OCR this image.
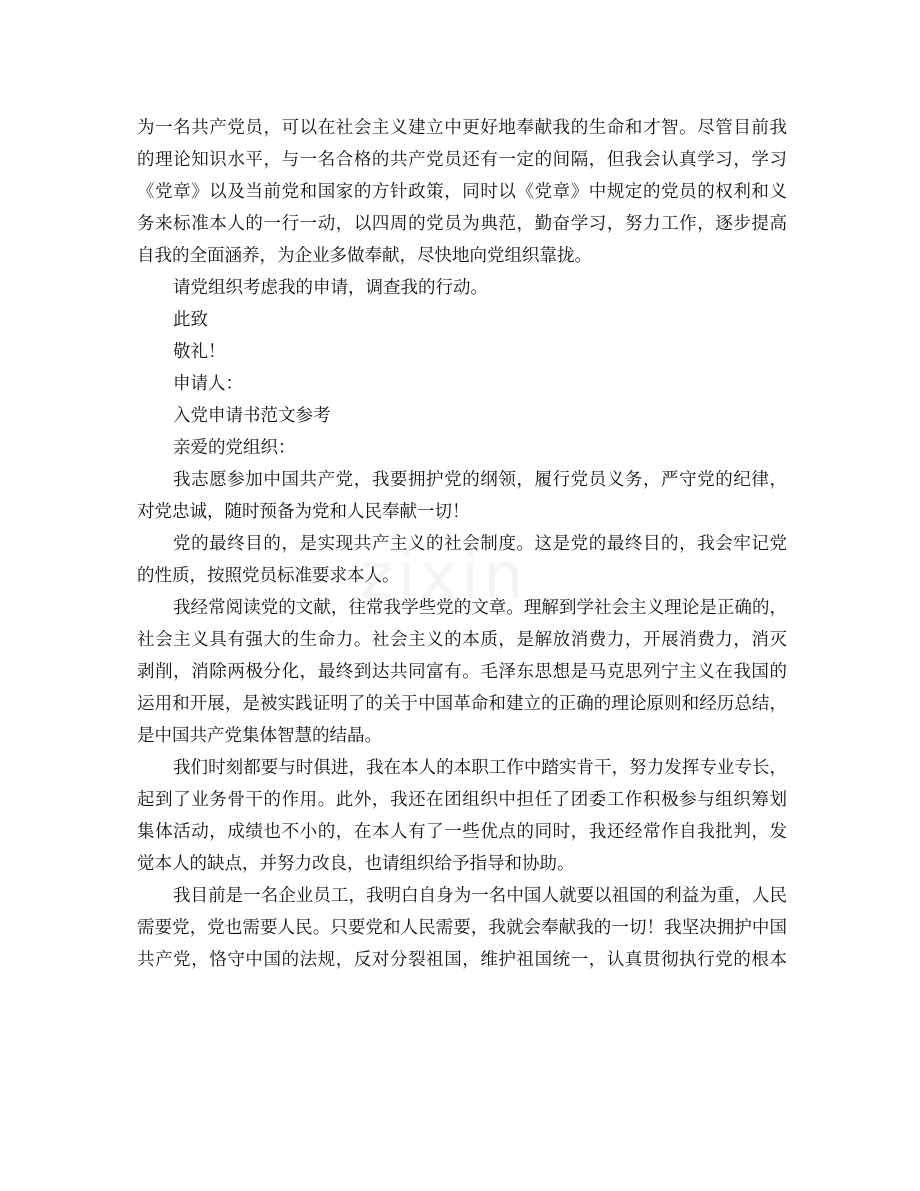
为一名共产党员，可以在社会主义建立中更好地奉献我的生命和才智。尽管目前我
的理论知识水平，与一名合格的共产党员还有一定的间隔，但我会认真学习，学习
《党章》以及当前党和国家的方针政策，同时以《党章》中规定的党员的权利和义
务来标准本人的一行一动，以四周的党员为典范，勤奋学习，努力工作，逐步提高
自我的全面涵养，为企业多做奉献，尽快地向党组织靠拢。
请党组织考虑我的申请，调查我的行动。
此致
敬礼！
申请人：
入党申请书范文参考
亲爱的党组织：
我志愿参加中国共产党，我要拥护党的纲领，履行党员义务，严守党的纪律，
对党忠诚，随时预备为党和人民奉献一切！
党的最终目的，是实现共产主义的社会制度。这是党的最终目的，我会牢记党
的性质，按照党员标准要求本人。
我经常阅读党的文献，往常我学些党的文章。理解到学社会主义理论是正确的，
社会主义具有强大的生命力。社会主义的本质，是解放消费力，开展消费力，消灭
剥削，消除两极分化，最终到达共同富有。毛泽东思想是马克思列宁主义在我国的
运用和开展，是被实践证明了的关于中国革命和建立的正确的理论原则和经历总结，
是中国共产党集体智慧的结晶。
我们时刻都要与时俱进，我在本人的本职工作中踏实肯干，努力发挥专业专长，
起到了业务骨干的作用。此外，我还在团组织中担任了团委工作积极参与组织筹划
集体活动，成绩也不小的，在本人有了一些优点的同时，我还经常作自我批判，发
觉本人的缺点，并努力改良，也请组织给予指导和协助。
我目前是一名企业员工，我明白自身为一名中国人就要以祖国的利益为重，人民
需要党，党也需要人民。只要党和人民需要，我就会奉献我的一切！我坚决拥护中国
共产党，恪守中国的法规，反对分裂祖国，维护祖国统一，认真贯彻执行党的根本
